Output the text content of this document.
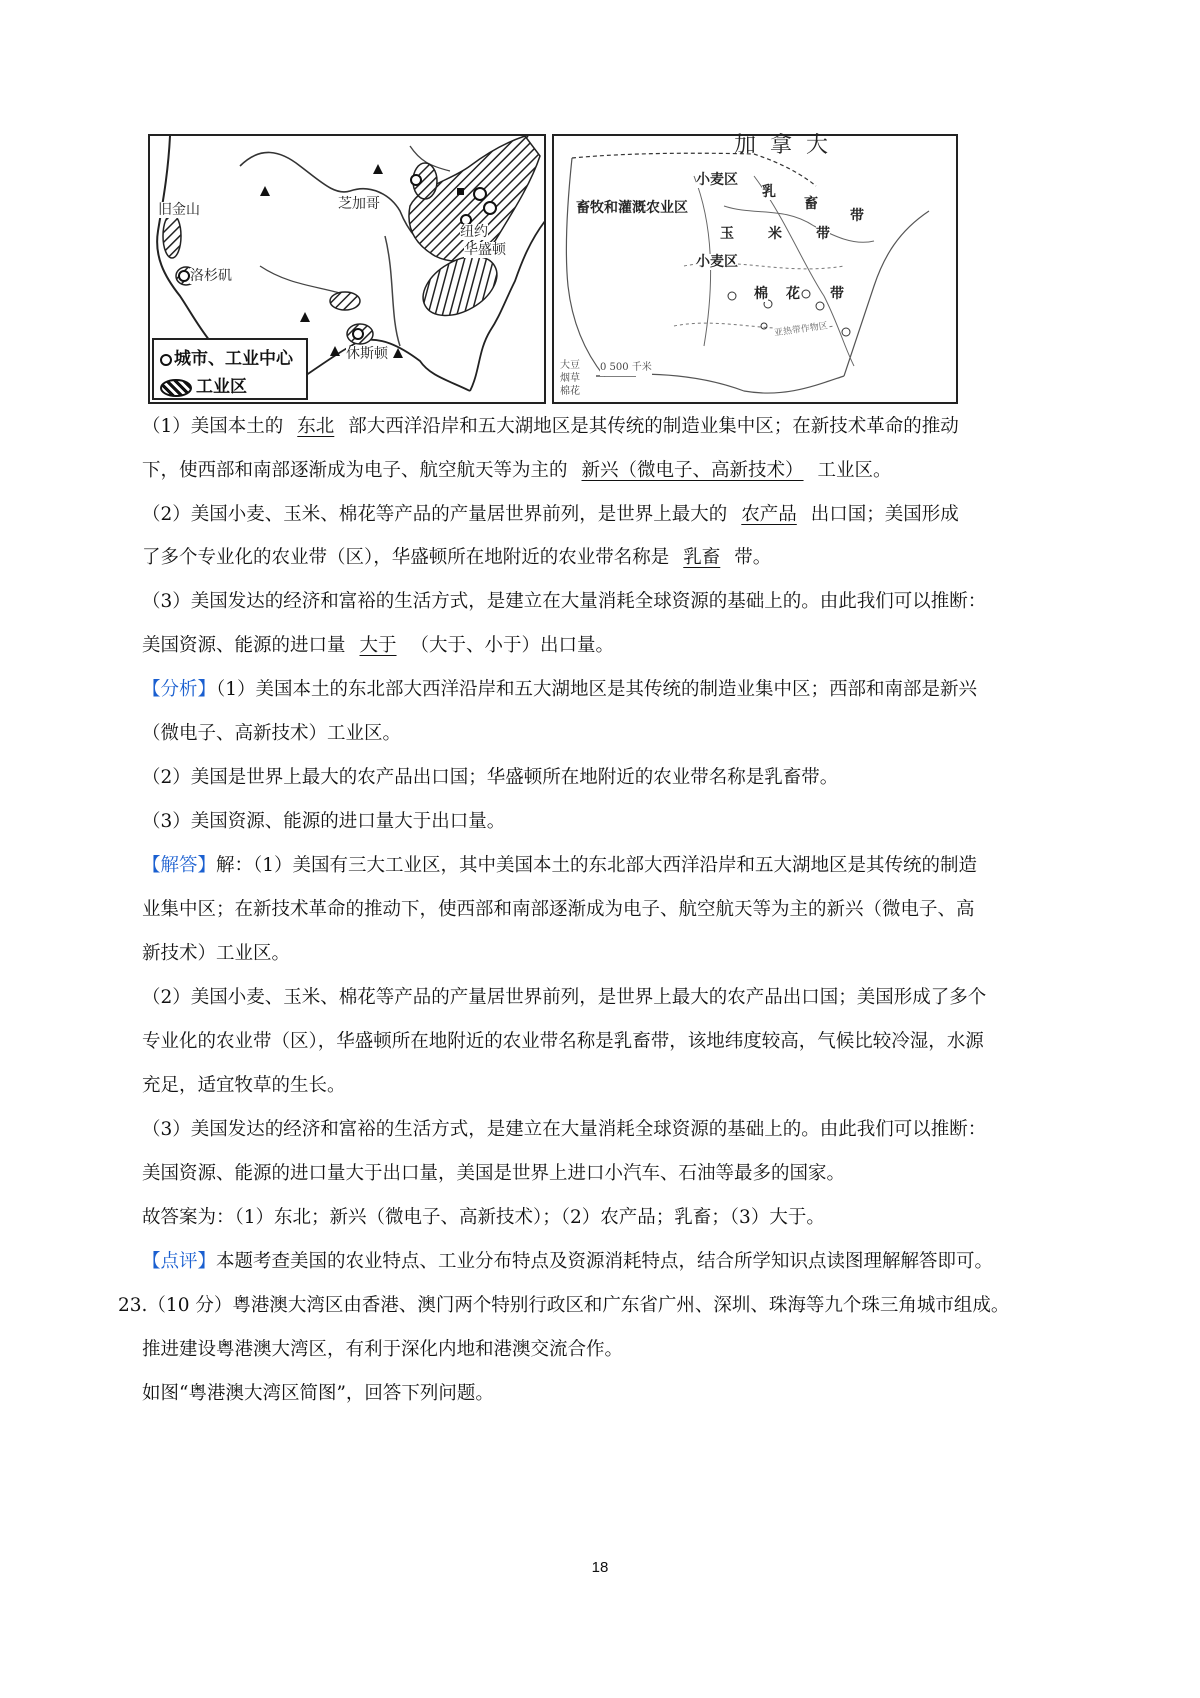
旧金山
洛杉矶
芝加哥
纽约
华盛顿
休斯顿
城市、工业中心
工业区
加拿大
小麦区
畜牧和灌溉农业区
乳
畜
带
玉 米 带
小麦区
棉 花 带
亚热带作物区
大豆
烟草
棉花
0 500 千米
（1）美国本土的 东北 部大西洋沿岸和五大湖地区是其传统的制造业集中区；在新技术革命的推动
下，使西部和南部逐渐成为电子、航空航天等为主的 新兴（微电子、高新技术） 工业区。
（2）美国小麦、玉米、棉花等产品的产量居世界前列，是世界上最大的 农产品 出口国；美国形成
了多个专业化的农业带（区），华盛顿所在地附近的农业带名称是 乳畜 带。
（3）美国发达的经济和富裕的生活方式，是建立在大量消耗全球资源的基础上的。由此我们可以推断：
美国资源、能源的进口量 大于 （大于、小于）出口量。
【分析】（1）美国本土的东北部大西洋沿岸和五大湖地区是其传统的制造业集中区；西部和南部是新兴
（微电子、高新技术）工业区。
（2）美国是世界上最大的农产品出口国；华盛顿所在地附近的农业带名称是乳畜带。
（3）美国资源、能源的进口量大于出口量。
【解答】解：（1）美国有三大工业区，其中美国本土的东北部大西洋沿岸和五大湖地区是其传统的制造
业集中区；在新技术革命的推动下，使西部和南部逐渐成为电子、航空航天等为主的新兴（微电子、高
新技术）工业区。
（2）美国小麦、玉米、棉花等产品的产量居世界前列，是世界上最大的农产品出口国；美国形成了多个
专业化的农业带（区），华盛顿所在地附近的农业带名称是乳畜带，该地纬度较高，气候比较冷湿，水源
充足，适宜牧草的生长。
（3）美国发达的经济和富裕的生活方式，是建立在大量消耗全球资源的基础上的。由此我们可以推断：
美国资源、能源的进口量大于出口量，美国是世界上进口小汽车、石油等最多的国家。
故答案为：（1）东北；新兴（微电子、高新技术）；（2）农产品；乳畜；（3）大于。
【点评】本题考查美国的农业特点、工业分布特点及资源消耗特点，结合所学知识点读图理解解答即可。
23.（10 分）粤港澳大湾区由香港、澳门两个特别行政区和广东省广州、深圳、珠海等九个珠三角城市组成。
推进建设粤港澳大湾区，有利于深化内地和港澳交流合作。
如图“粤港澳大湾区简图”，回答下列问题。
18
